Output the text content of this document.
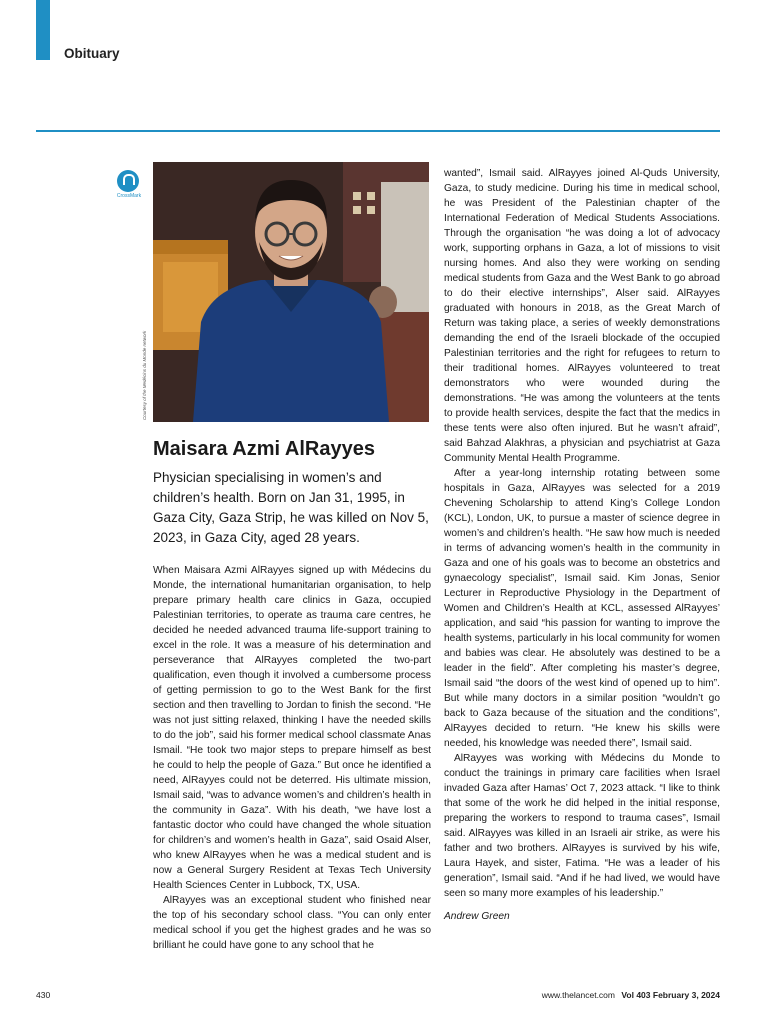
Obituary
CrossMark
Courtesy of the Medécins du Monde network
Maisara Azmi AlRayyes
Physician specialising in women’s and children’s health. Born on Jan 31, 1995, in Gaza City, Gaza Strip, he was killed on Nov 5, 2023, in Gaza City, aged 28 years.

When Maisara Azmi AlRayyes signed up with Médecins du Monde, the international humanitarian organisation, to help prepare primary health care clinics in Gaza, occupied Palestinian territories, to operate as trauma care centres, he decided he needed advanced trauma life-support training to excel in the role. It was a measure of his determination and perseverance that AlRayyes completed the two-part qualification, even though it involved a cumbersome process of getting permission to go to the West Bank for the first section and then travelling to Jordan to finish the second. “He was not just sitting relaxed, thinking I have the needed skills to do the job”, said his former medical school classmate Anas Ismail. “He took two major steps to prepare himself as best he could to help the people of Gaza.” But once he identified a need, AlRayyes could not be deterred. His ultimate mission, Ismail said, “was to advance women’s and children’s health in the community in Gaza”. With his death, “we have lost a fantastic doctor who could have changed the whole situation for children’s and women’s health in Gaza”, said Osaid Alser, who knew AlRayyes when he was a medical student and is now a General Surgery Resident at Texas Tech University Health Sciences Center in Lubbock, TX, USA.

AlRayyes was an exceptional student who finished near the top of his secondary school class. “You can only enter medical school if you get the highest grades and he was so brilliant he could have gone to any school that he

wanted”, Ismail said. AlRayyes joined Al-Quds University, Gaza, to study medicine. During his time in medical school, he was President of the Palestinian chapter of the International Federation of Medical Students Associations. Through the organisation “he was doing a lot of advocacy work, supporting orphans in Gaza, a lot of missions to visit nursing homes. And also they were working on sending medical students from Gaza and the West Bank to go abroad to do their elective internships”, Alser said. AlRayyes graduated with honours in 2018, as the Great March of Return was taking place, a series of weekly demonstrations demanding the end of the Israeli blockade of the occupied Palestinian territories and the right for refugees to return to their traditional homes. AlRayyes volunteered to treat demonstrators who were wounded during the demonstrations. “He was among the volunteers at the tents to provide health services, despite the fact that the medics in these tents were also often injured. But he wasn’t afraid”, said Bahzad Alakhras, a physician and psychiatrist at Gaza Community Mental Health Programme.

After a year-long internship rotating between some hospitals in Gaza, AlRayyes was selected for a 2019 Chevening Scholarship to attend King’s College London (KCL), London, UK, to pursue a master of science degree in women’s and children’s health. “He saw how much is needed in terms of advancing women’s health in the community in Gaza and one of his goals was to become an obstetrics and gynaecology specialist”, Ismail said. Kim Jonas, Senior Lecturer in Reproductive Physiology in the Department of Women and Children’s Health at KCL, assessed AlRayyes’ application, and said “his passion for wanting to improve the health systems, particularly in his local community for women and babies was clear. He absolutely was destined to be a leader in the field”. After completing his master’s degree, Ismail said “the doors of the west kind of opened up to him”. But while many doctors in a similar position “wouldn’t go back to Gaza because of the situation and the conditions”, AlRayyes decided to return. “He knew his skills were needed, his knowledge was needed there”, Ismail said.

AlRayyes was working with Médecins du Monde to conduct the trainings in primary care facilities when Israel invaded Gaza after Hamas’ Oct 7, 2023 attack. “I like to think that some of the work he did helped in the initial response, preparing the workers to respond to trauma cases”, Ismail said. AlRayyes was killed in an Israeli air strike, as were his father and two brothers. AlRayyes is survived by his wife, Laura Hayek, and sister, Fatima. “He was a leader of his generation”, Ismail said. “And if he had lived, we would have seen so many more examples of his leadership.”

Andrew Green

430	www.thelancet.com Vol 403 February 3, 2024
